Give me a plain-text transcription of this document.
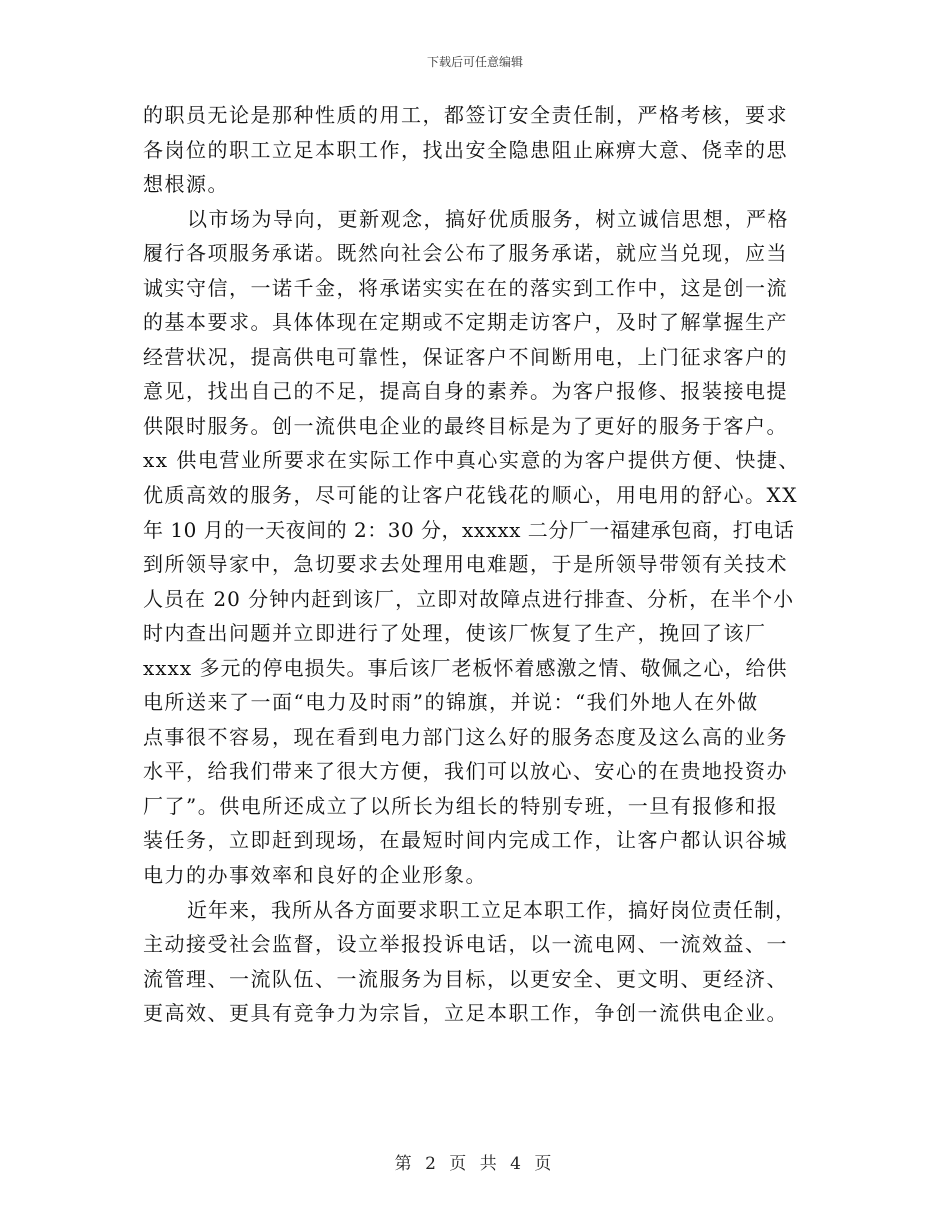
下载后可任意编辑
的职员无论是那种性质的用工，都签订安全责任制，严格考核，要求
各岗位的职工立足本职工作，找出安全隐患阻止麻痹大意、侥幸的思
想根源。
以市场为导向，更新观念，搞好优质服务，树立诚信思想，严格
履行各项服务承诺。既然向社会公布了服务承诺，就应当兑现，应当
诚实守信，一诺千金，将承诺实实在在的落实到工作中，这是创一流
的基本要求。具体体现在定期或不定期走访客户，及时了解掌握生产
经营状况，提高供电可靠性，保证客户不间断用电，上门征求客户的
意见，找出自己的不足，提高自身的素养。为客户报修、报装接电提
供限时服务。创一流供电企业的最终目标是为了更好的服务于客户。
xx 供电营业所要求在实际工作中真心实意的为客户提供方便、快捷、
优质高效的服务，尽可能的让客户花钱花的顺心，用电用的舒心。XX
年 10 月的一天夜间的 2：30 分，xxxxx 二分厂一福建承包商，打电话
到所领导家中，急切要求去处理用电难题，于是所领导带领有关技术
人员在 20 分钟内赶到该厂，立即对故障点进行排查、分析，在半个小
时内查出问题并立即进行了处理，使该厂恢复了生产，挽回了该厂
xxxx 多元的停电损失。事后该厂老板怀着感激之情、敬佩之心，给供
电所送来了一面“电力及时雨”的锦旗，并说：“我们外地人在外做
点事很不容易，现在看到电力部门这么好的服务态度及这么高的业务
水平，给我们带来了很大方便，我们可以放心、安心的在贵地投资办
厂了”。供电所还成立了以所长为组长的特别专班，一旦有报修和报
装任务，立即赶到现场，在最短时间内完成工作，让客户都认识谷城
电力的办事效率和良好的企业形象。
近年来，我所从各方面要求职工立足本职工作，搞好岗位责任制，
主动接受社会监督，设立举报投诉电话，以一流电网、一流效益、一
流管理、一流队伍、一流服务为目标，以更安全、更文明、更经济、
更高效、更具有竞争力为宗旨，立足本职工作，争创一流供电企业。
第 2 页 共 4 页
